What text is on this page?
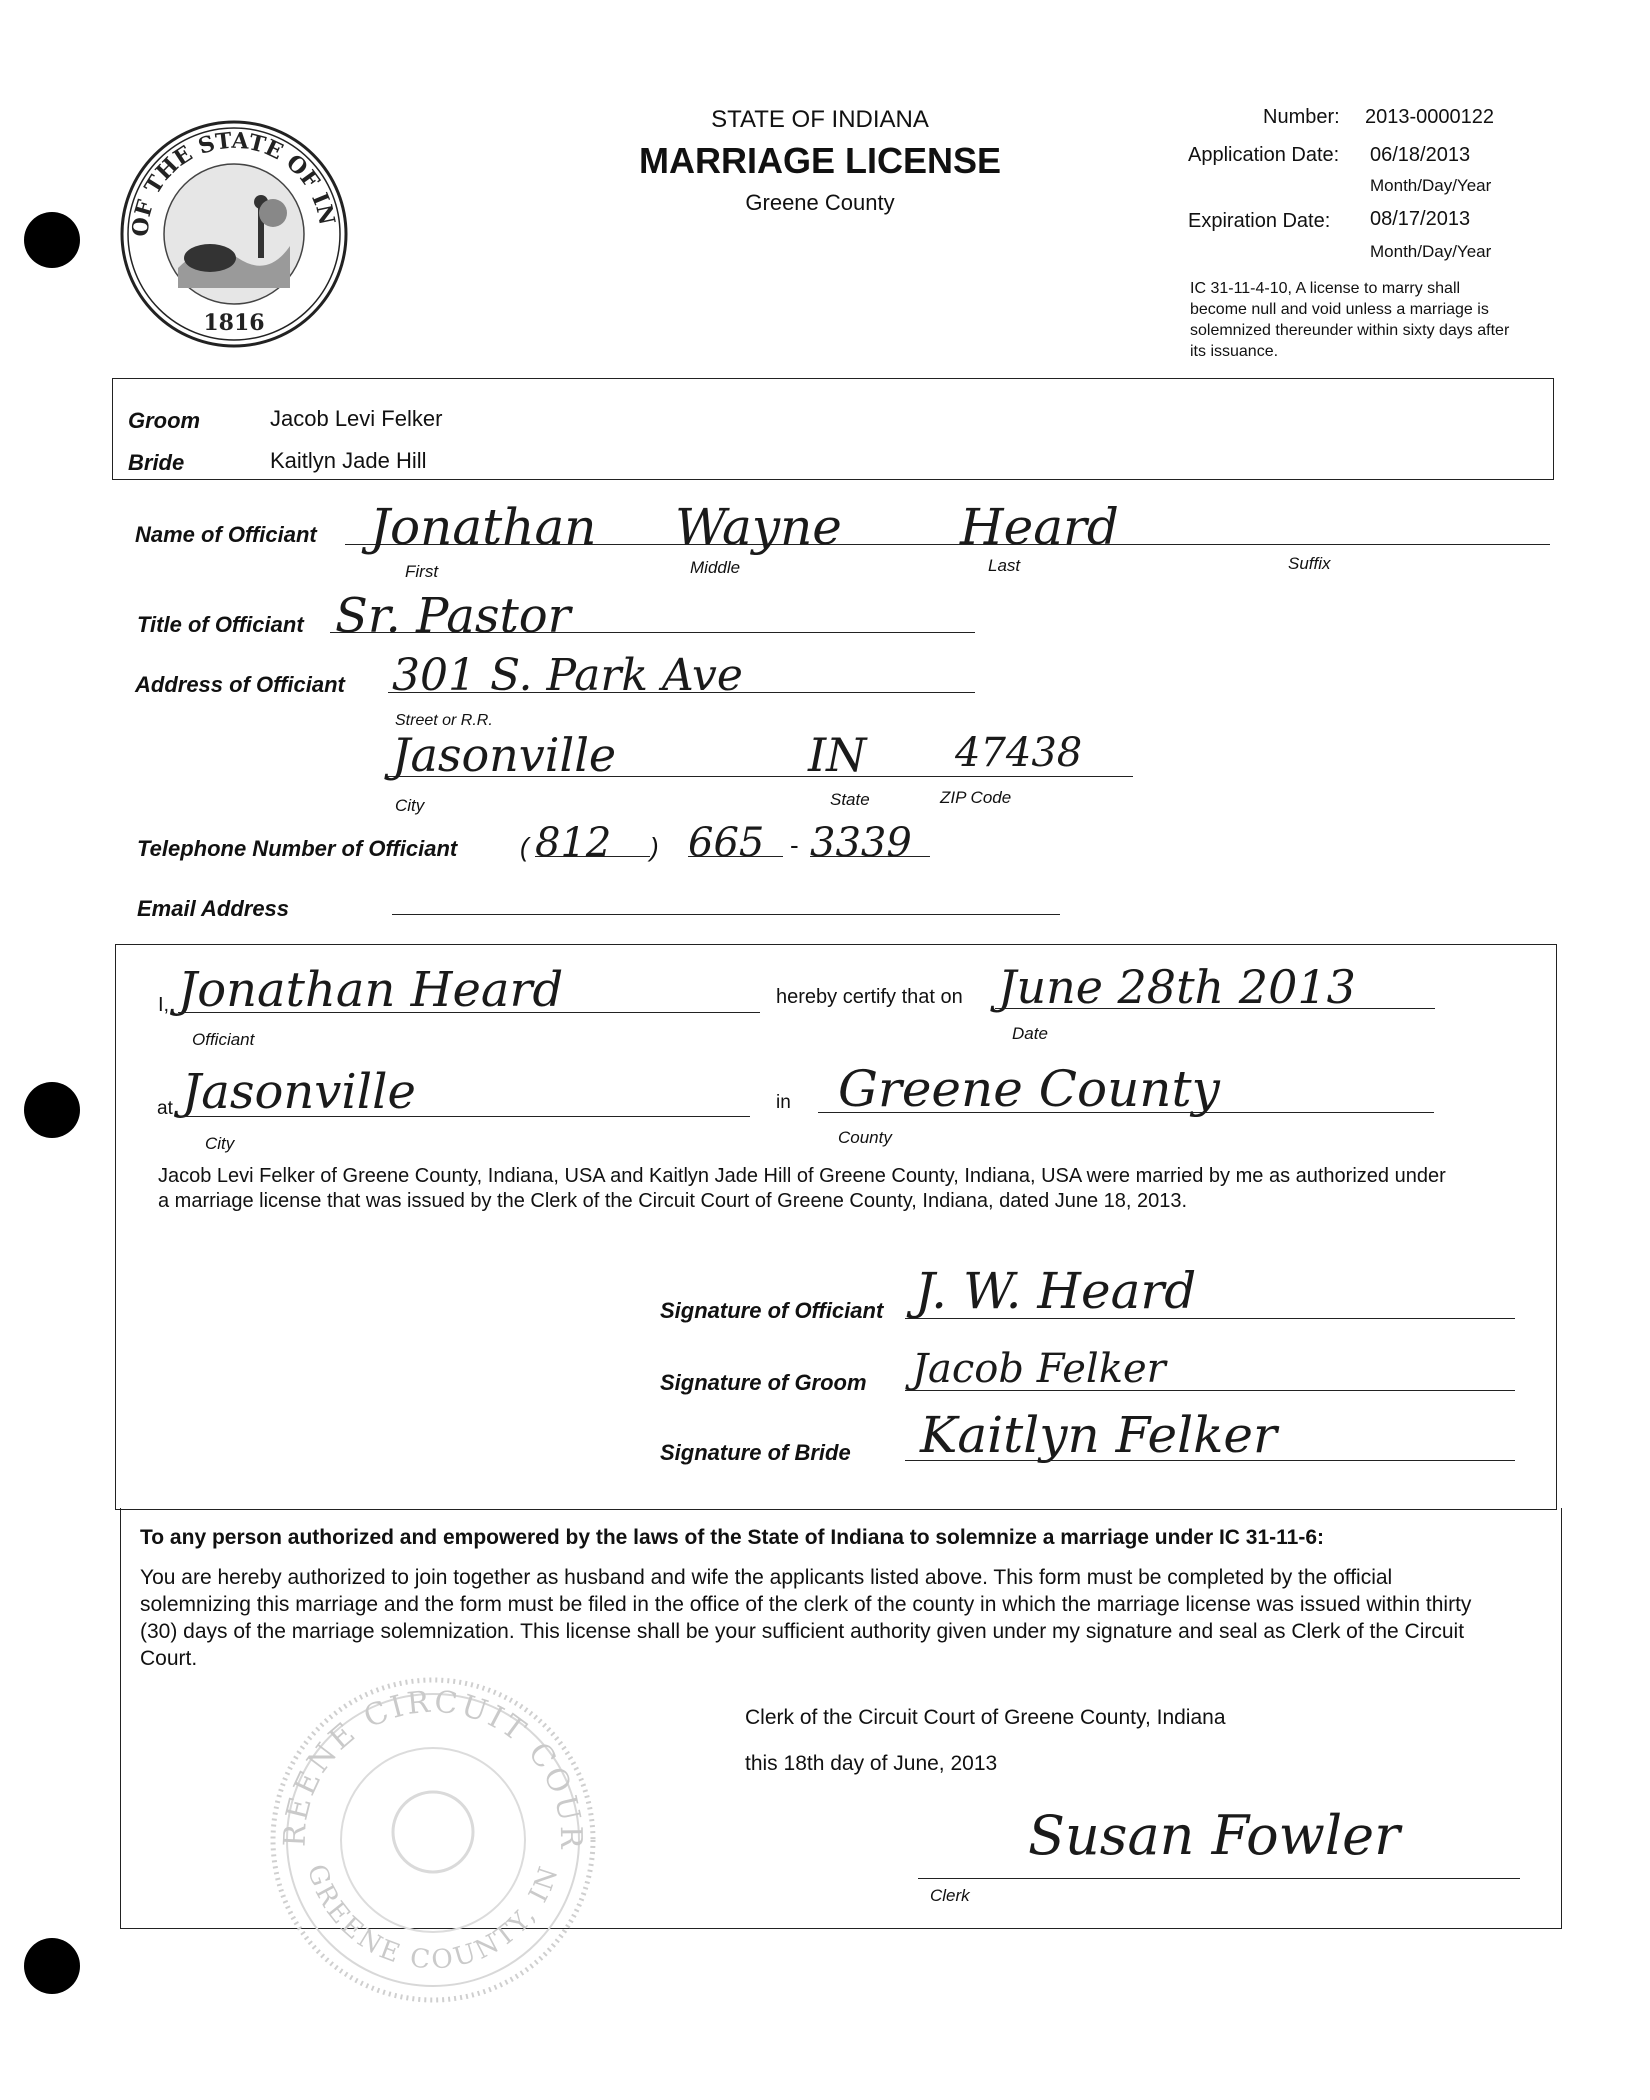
OF THE STATE OF IN
1816
STATE OF INDIANA
MARRIAGE LICENSE
Greene County
Number: 2013-0000122
Application Date: 06/18/2013
Month/Day/Year
Expiration Date: 08/17/2013
Month/Day/Year
IC 31-11-4-10, A license to marry shall become null and void unless a marriage is solemnized thereunder within sixty days after its issuance.
Groom	Jacob Levi Felker
Bride	Kaitlyn Jade Hill
Name of Officiant Jonathan Wayne Heard
First	Middle	Last	Suffix
Title of Officiant Sr. Pastor
Address of Officiant 301 S. Park Ave
Street or R.R.
Jasonville	IN 47438
City	State	ZIP Code
Telephone Number of Officiant ( 812 ) 665 - 3339
Email Address
I, Jonathan Heard
Officiant
hereby certify that on June 28th 2013
Date
at Jasonville
City
in Greene County
County
Jacob Levi Felker of Greene County, Indiana, USA and Kaitlyn Jade Hill of Greene County, Indiana, USA were married by me as authorized under a marriage license that was issued by the Clerk of the Circuit Court of Greene County, Indiana, dated June 18, 2013.
Signature of Officiant J. W. Heard
Signature of Groom Jacob Felker
Signature of Bride Kaitlyn Felker
To any person authorized and empowered by the laws of the State of Indiana to solemnize a marriage under IC 31-11-6:
You are hereby authorized to join together as husband and wife the applicants listed above. This form must be completed by the official solemnizing this marriage and the form must be filed in the office of the clerk of the county in which the marriage license was issued within thirty (30) days of the marriage solemnization. This license shall be your sufficient authority given under my signature and seal as Clerk of the Circuit Court.
REENE CIRCUIT COUR
GREENE COUNTY, IN
Clerk of the Circuit Court of Greene County, Indiana
this 18th day of June, 2013
Susan Fowler
Clerk
